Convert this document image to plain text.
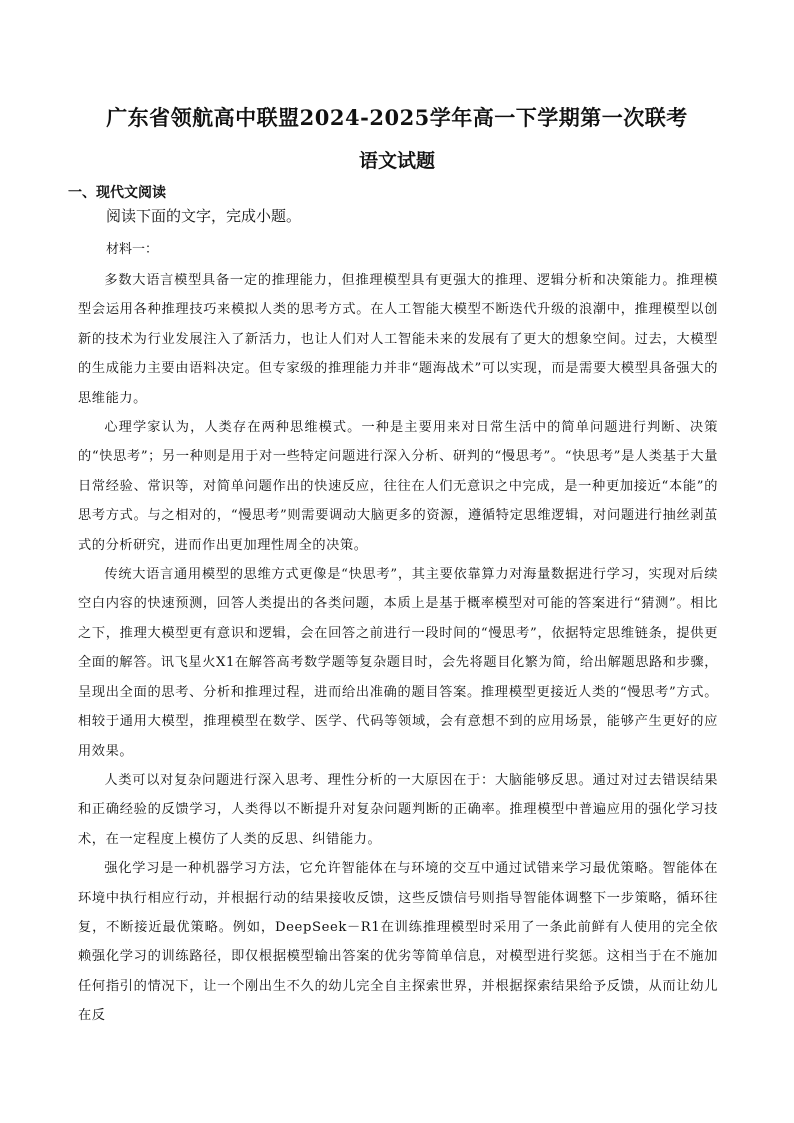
广东省领航高中联盟2024-2025学年高一下学期第一次联考
语文试题
一、现代文阅读
阅读下面的文字，完成小题。
材料一：

多数大语言模型具备一定的推理能力，但推理模型具有更强大的推理、逻辑分析和决策能力。推理模型会运用各种推理技巧来模拟人类的思考方式。在人工智能大模型不断迭代升级的浪潮中，推理模型以创新的技术为行业发展注入了新活力，也让人们对人工智能未来的发展有了更大的想象空间。过去，大模型的生成能力主要由语料决定。但专家级的推理能力并非“题海战术”可以实现，而是需要大模型具备强大的思维能力。

心理学家认为，人类存在两种思维模式。一种是主要用来对日常生活中的简单问题进行判断、决策的“快思考”；另一种则是用于对一些特定问题进行深入分析、研判的“慢思考”。“快思考”是人类基于大量日常经验、常识等，对简单问题作出的快速反应，往往在人们无意识之中完成，是一种更加接近“本能”的思考方式。与之相对的，“慢思考”则需要调动大脑更多的资源，遵循特定思维逻辑，对问题进行抽丝剥茧式的分析研究，进而作出更加理性周全的决策。

传统大语言通用模型的思维方式更像是“快思考”，其主要依靠算力对海量数据进行学习，实现对后续空白内容的快速预测，回答人类提出的各类问题，本质上是基于概率模型对可能的答案进行“猜测”。相比之下，推理大模型更有意识和逻辑，会在回答之前进行一段时间的“慢思考”，依据特定思维链条，提供更全面的解答。讯飞星火X1在解答高考数学题等复杂题目时，会先将题目化繁为简，给出解题思路和步骤，呈现出全面的思考、分析和推理过程，进而给出准确的题目答案。推理模型更接近人类的“慢思考”方式。相较于通用大模型，推理模型在数学、医学、代码等领域，会有意想不到的应用场景，能够产生更好的应用效果。

人类可以对复杂问题进行深入思考、理性分析的一大原因在于：大脑能够反思。通过对过去错误结果和正确经验的反馈学习，人类得以不断提升对复杂问题判断的正确率。推理模型中普遍应用的强化学习技术，在一定程度上模仿了人类的反思、纠错能力。

强化学习是一种机器学习方法，它允许智能体在与环境的交互中通过试错来学习最优策略。智能体在环境中执行相应行动，并根据行动的结果接收反馈，这些反馈信号则指导智能体调整下一步策略，循环往复，不断接近最优策略。例如，DeepSeek－R1在训练推理模型时采用了一条此前鲜有人使用的完全依赖强化学习的训练路径，即仅根据模型输出答案的优劣等简单信息，对模型进行奖惩。这相当于在不施加任何指引的情况下，让一个刚出生不久的幼儿完全自主探索世界，并根据探索结果给予反馈，从而让幼儿在反
